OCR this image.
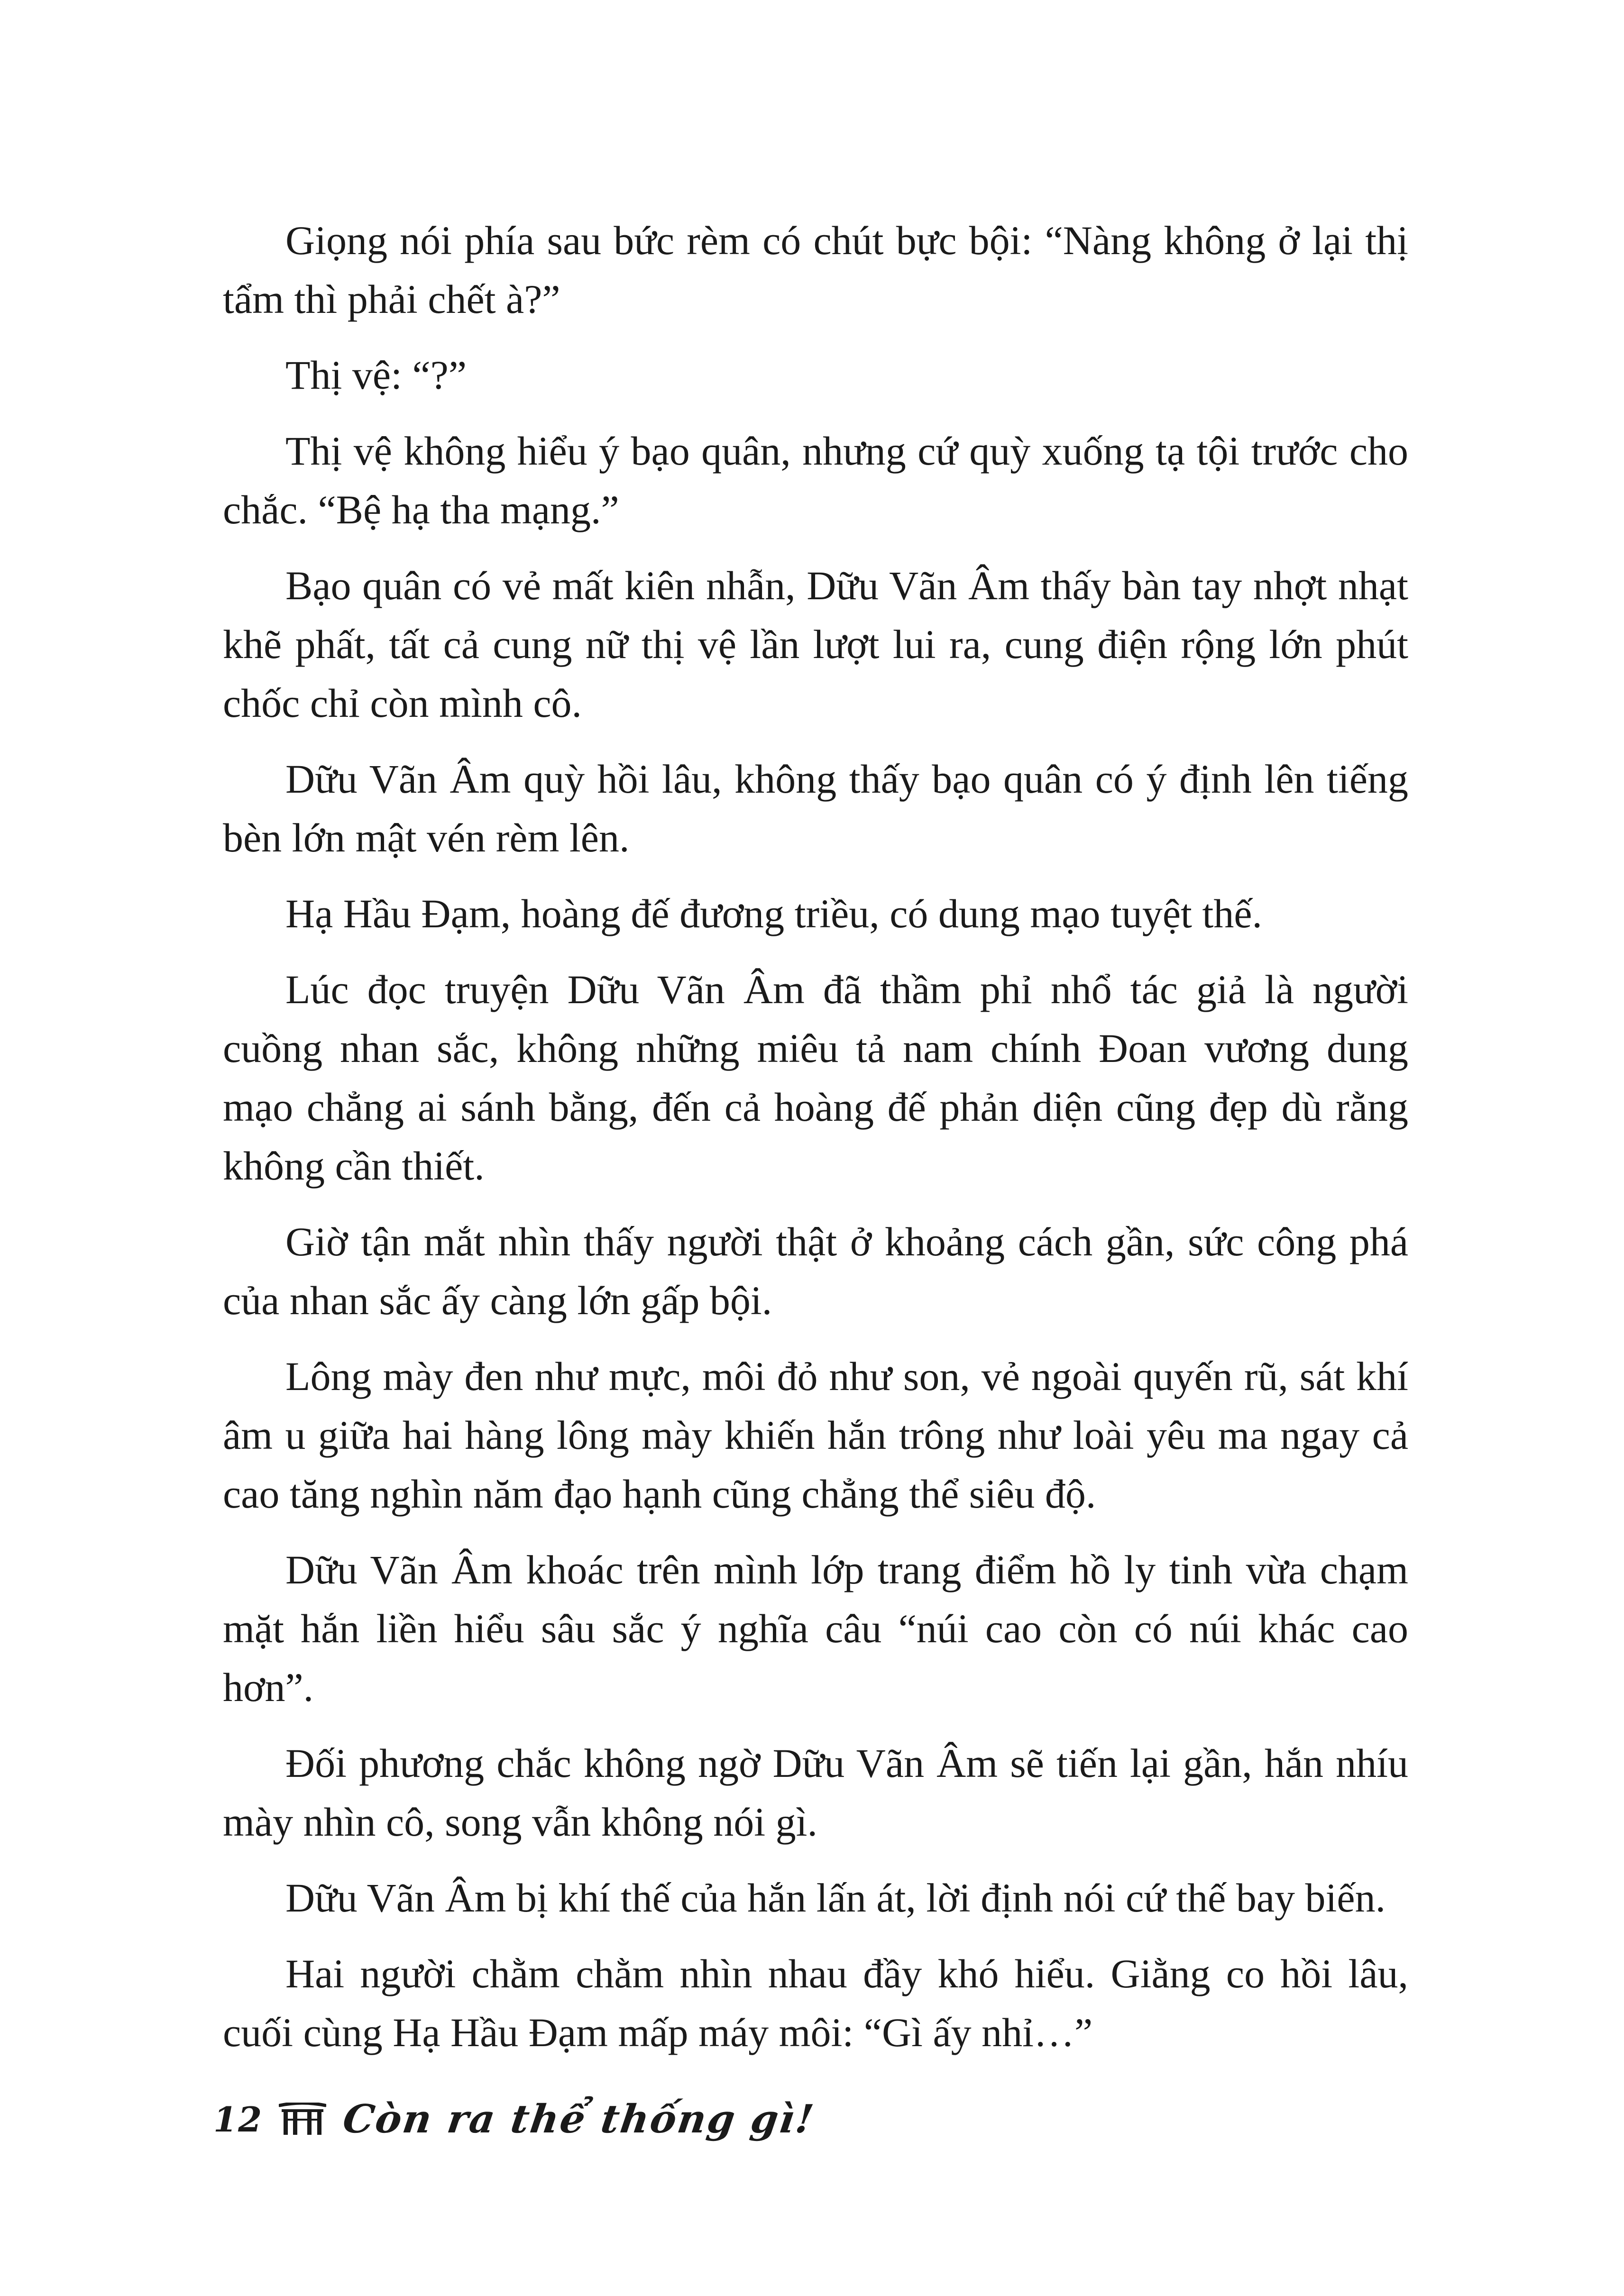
Giọng nói phía sau bức rèm có chút bực bội: “Nàng không ở lại thị tẩm thì phải chết à?”

Thị vệ: “?”

Thị vệ không hiểu ý bạo quân, nhưng cứ quỳ xuống tạ tội trước cho chắc. “Bệ hạ tha mạng.”

Bạo quân có vẻ mất kiên nhẫn, Dữu Vãn Âm thấy bàn tay nhợt nhạt khẽ phất, tất cả cung nữ thị vệ lần lượt lui ra, cung điện rộng lớn phút chốc chỉ còn mình cô.

Dữu Vãn Âm quỳ hồi lâu, không thấy bạo quân có ý định lên tiếng bèn lớn mật vén rèm lên.

Hạ Hầu Đạm, hoàng đế đương triều, có dung mạo tuyệt thế.

Lúc đọc truyện Dữu Vãn Âm đã thầm phỉ nhổ tác giả là người cuồng nhan sắc, không những miêu tả nam chính Đoan vương dung mạo chẳng ai sánh bằng, đến cả hoàng đế phản diện cũng đẹp dù rằng không cần thiết.

Giờ tận mắt nhìn thấy người thật ở khoảng cách gần, sức công phá của nhan sắc ấy càng lớn gấp bội.

Lông mày đen như mực, môi đỏ như son, vẻ ngoài quyến rũ, sát khí âm u giữa hai hàng lông mày khiến hắn trông như loài yêu ma ngay cả cao tăng nghìn năm đạo hạnh cũng chẳng thể siêu độ.

Dữu Vãn Âm khoác trên mình lớp trang điểm hồ ly tinh vừa chạm mặt hắn liền hiểu sâu sắc ý nghĩa câu “núi cao còn có núi khác cao hơn”.

Đối phương chắc không ngờ Dữu Vãn Âm sẽ tiến lại gần, hắn nhíu mày nhìn cô, song vẫn không nói gì.

Dữu Vãn Âm bị khí thế của hắn lấn át, lời định nói cứ thế bay biến.

Hai người chằm chằm nhìn nhau đầy khó hiểu. Giằng co hồi lâu, cuối cùng Hạ Hầu Đạm mấp máy môi: “Gì ấy nhỉ…”

12 Còn ra thể thống gì!
